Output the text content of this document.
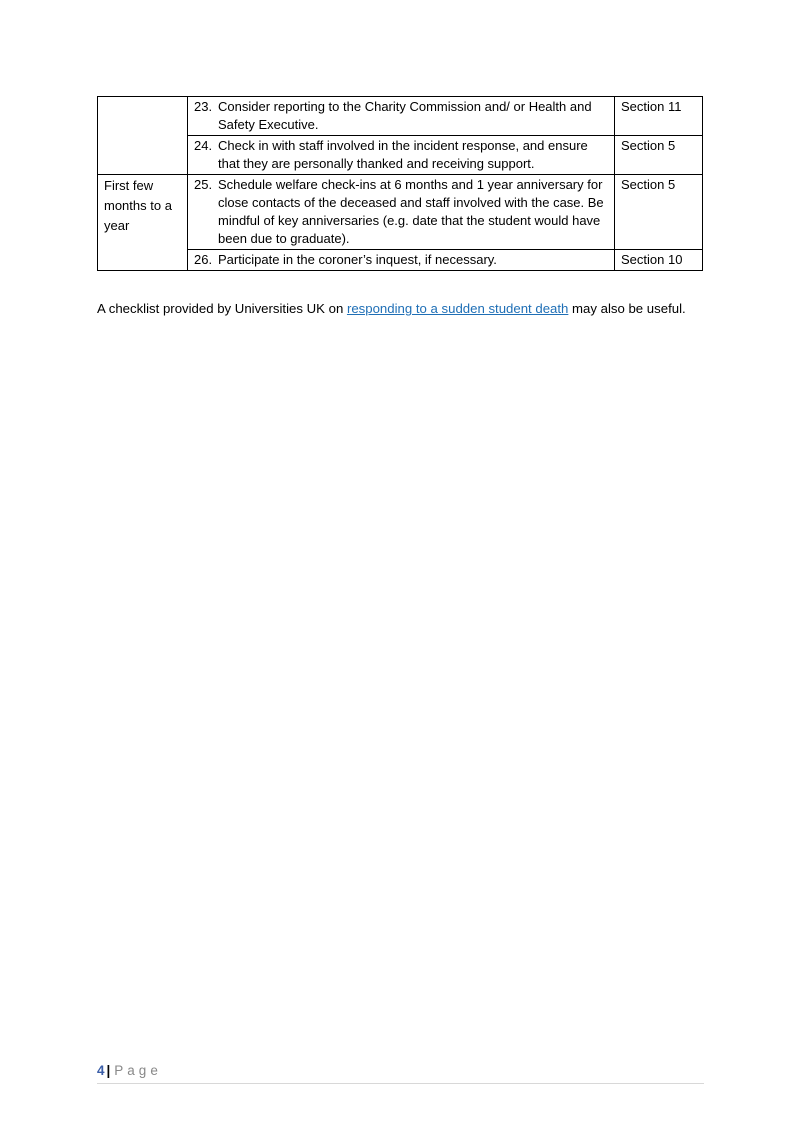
	23. Consider reporting to the Charity Commission and/ or Health and Safety Executive.	Section 11

	24. Check in with staff involved in the incident response, and ensure that they are personally thanked and receiving support.	Section 5
First few months to a year	25. Schedule welfare check-ins at 6 months and 1 year anniversary for close contacts of the deceased and staff involved with the case. Be mindful of key anniversaries (e.g. date that the student would have been due to graduate).	Section 5

	26. Participate in the coroner’s inquest, if necessary.	Section 10

A checklist provided by Universities UK on responding to a sudden student death may also be useful.

4 | Page
